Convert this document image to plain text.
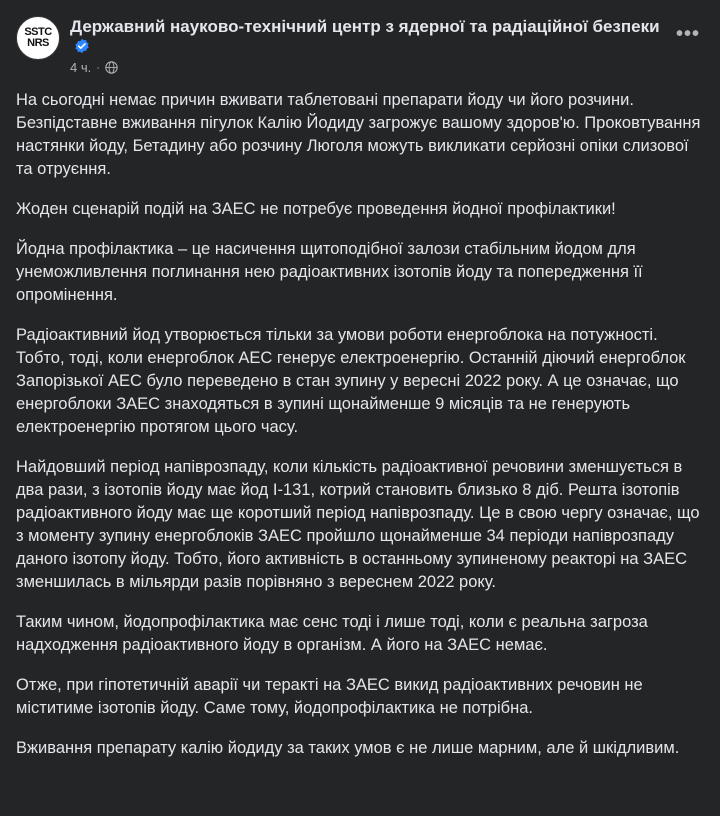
SSTC
NRS
Державний науково-технічний центр з ядерної та радіаційної безпеки
4 ч. ·
•••

На сьогодні немає причин вживати таблетовані препарати йоду чи його розчини. Безпідставне вживання пігулок Калію Йодиду загрожує вашому здоров'ю. Проковтування настянки йоду, Бетадину або розчину Люголя можуть викликати серйозні опіки слизової та отруєння.

Жоден сценарій подій на ЗАЕС не потребує проведення йодної профілактики!

Йодна профілактика – це насичення щитоподібної залози стабільним йодом для унеможливлення поглинання нею радіоактивних ізотопів йоду та попередження її опромінення.

Радіоактивний йод утворюється тільки за умови роботи енергоблока на потужності. Тобто, тоді, коли енергоблок АЕС генерує електроенергію. Останній діючий енергоблок Запорізької АЕС було переведено в стан зупину у вересні 2022 року. А це означає, що енергоблоки ЗАЕС знаходяться в зупині щонайменше 9 місяців та не генерують електроенергію протягом цього часу.

Найдовший період напіврозпаду, коли кількість радіоактивної речовини зменшується в два рази, з ізотопів йоду має йод I-131, котрий становить близько 8 діб. Решта ізотопів радіоактивного йоду має ще коротший період напіврозпаду. Це в свою чергу означає, що з моменту зупину енергоблоків ЗАЕС пройшло щонайменше 34 періоди напіврозпаду даного ізотопу йоду. Тобто, його активність в останньому зупиненому реакторі на ЗАЕС зменшилась в мільярди разів порівняно з вереснем 2022 року.

Таким чином, йодопрофілактика має сенс тоді і лише тоді, коли є реальна загроза надходження радіоактивного йоду в організм. А його на ЗАЕС немає.

Отже, при гіпотетичній аварії чи теракті на ЗАЕС викид радіоактивних речовин не міститиме ізотопів йоду. Саме тому, йодопрофілактика не потрібна.

Вживання препарату калію йодиду за таких умов є не лише марним, але й шкідливим.
